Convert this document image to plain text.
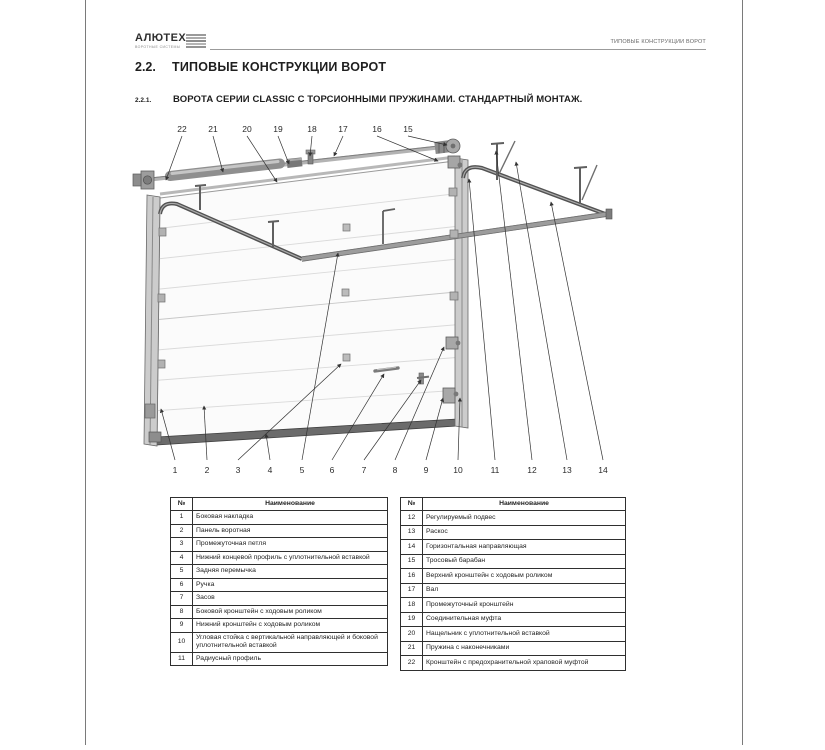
АЛЮТЕХ
ВОРОТНЫЕ СИСТЕМЫ
ТИПОВЫЕ КОНСТРУКЦИИ ВОРОТ
2.2.	ТИПОВЫЕ КОНСТРУКЦИИ ВОРОТ
2.2.1.	ВОРОТА СЕРИИ CLASSIC С ТОРСИОННЫМИ ПРУЖИНАМИ. СТАНДАРТНЫЙ МОНТАЖ.
22	21	20	19	18	17	16	15
1	2	3	4	5	6	7	8	9	10	11	12	13	14
№	Наименование
1	Боковая накладка
2	Панель воротная
3	Промежуточная петля
4	Нижний концевой профиль с уплотнительной вставкой
5	Задняя перемычка
6	Ручка
7	Засов
8	Боковой кронштейн с ходовым роликом
9	Нижний кронштейн с ходовым роликом
10	Угловая стойка с вертикальной направляющей и боковой уплотнительной вставкой
11	Радиусный профиль
№	Наименование
12	Регулируемый подвес
13	Раскос
14	Горизонтальная направляющая
15	Тросовый барабан
16	Верхний кронштейн с ходовым роликом
17	Вал
18	Промежуточный кронштейн
19	Соединительная муфта
20	Нащельник с уплотнительной вставкой
21	Пружина с наконечниками
22	Кронштейн с предохранительной храповой муфтой
